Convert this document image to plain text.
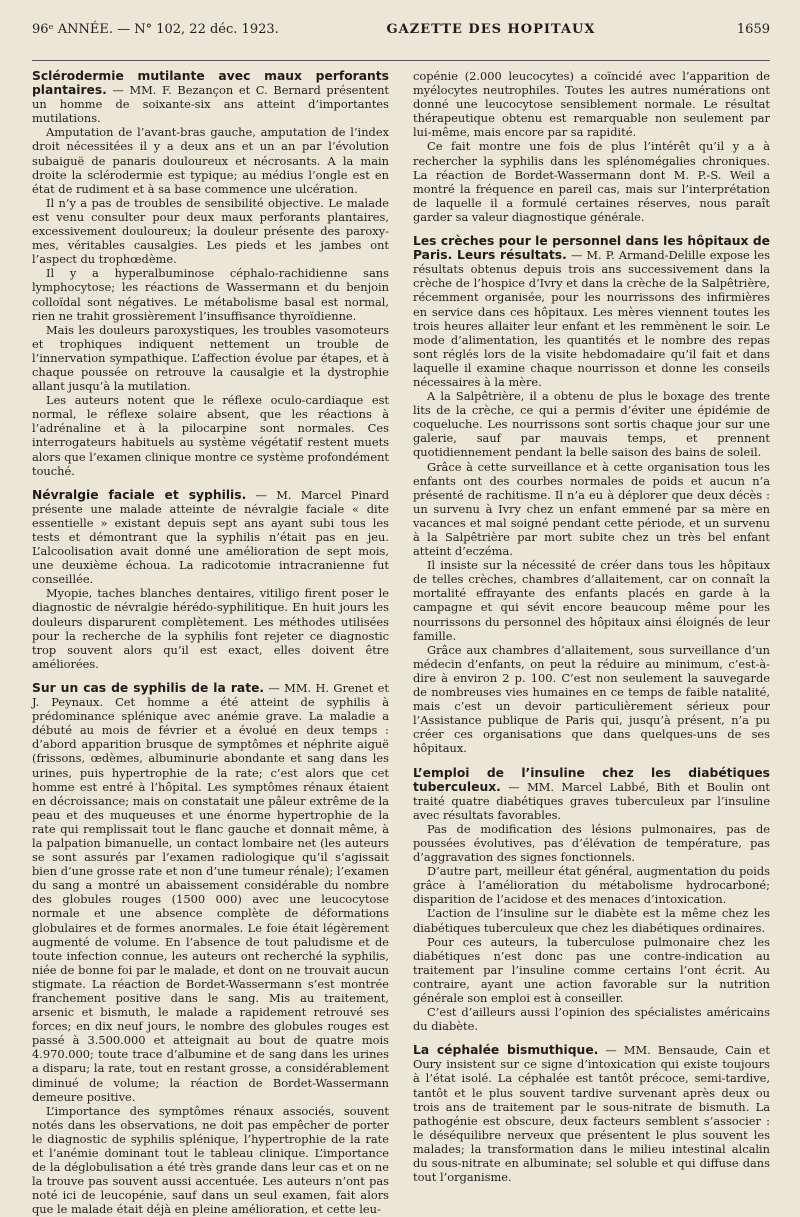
96ᵉ ANNÉE. — N° 102, 22 déc. 1923.	GAZETTE DES HOPITAUX	1659

Sclérodermie mutilante avec maux perforants plantaires. — MM. F. Bezançon et C. Bernard présentent un homme de soixante-six ans atteint d’importantes mutilations.

Amputation de l’avant-bras gauche, amputation de l’index droit nécessitées il y a deux ans et un an par l’évolution subaiguë de panaris douloureux et nécrosants. A la main droite la sclérodermie est typique; au médius l’ongle est en état de rudiment et à sa base commence une ulcération.

Il n’y a pas de troubles de sensibilité objective. Le malade est venu consulter pour deux maux perforants plantaires, excessivement douloureux; la douleur présente des paroxy-mes, véritables causalgies. Les pieds et les jambes ont l’aspect du trophœdème.

Il y a hyperalbuminose céphalo-rachidienne sans lymphocytose; les réactions de Wassermann et du benjoin colloïdal sont négatives. Le métabolisme basal est normal, rien ne trahit grossièrement l’insuffisance thyroïdienne.

Mais les douleurs paroxystiques, les troubles vasomoteurs et trophiques indiquent nettement un trouble de l’innervation sympathique. L’affection évolue par étapes, et à chaque poussée on retrouve la causalgie et la dystrophie allant jusqu’à la mutilation.

Les auteurs notent que le réflexe oculo-cardiaque est normal, le réflexe solaire absent, que les réactions à l’adrénaline et à la pilocarpine sont normales. Ces interrogateurs habituels au système végétatif restent muets alors que l’examen clinique montre ce système profondément touché.

Névralgie faciale et syphilis. — M. Marcel Pinard présente une malade atteinte de névralgie faciale « dite essentielle » existant depuis sept ans ayant subi tous les tests et démontrant que la syphilis n’était pas en jeu. L’alcoolisation avait donné une amélioration de sept mois, une deuxième échoua. La radicotomie intracranienne fut conseillée.

Myopie, taches blanches dentaires, vitiligo firent poser le diagnostic de névralgie hérédo-syphilitique. En huit jours les douleurs disparurent complètement. Les méthodes utilisées pour la recherche de la syphilis font rejeter ce diagnostic trop souvent alors qu’il est exact, elles doivent être améliorées.

Sur un cas de syphilis de la rate. — MM. H. Grenet et J. Peynaux. Cet homme a été atteint de syphilis à prédominance splénique avec anémie grave. La maladie a débuté au mois de février et a évolué en deux temps : d’abord apparition brusque de symptômes et néphrite aiguë (frissons, œdèmes, albuminurie abondante et sang dans les urines, puis hypertrophie de la rate; c’est alors que cet homme est entré à l’hôpital. Les symptômes rénaux étaient en décroissance; mais on constatait une pâleur extrême de la peau et des muqueuses et une énorme hypertrophie de la rate qui remplissait tout le flanc gauche et donnait même, à la palpation bimanuelle, un contact lombaire net (les auteurs se sont assurés par l’examen radiologique qu’il s’agissait bien d’une grosse rate et non d’une tumeur rénale); l’examen du sang a montré un abaissement considérable du nombre des globules rouges (1500 000) avec une leucocytose normale et une absence complète de déformations globulaires et de formes anormales. Le foie était légèrement augmenté de volume. En l’absence de tout paludisme et de toute infection connue, les auteurs ont recherché la syphilis, niée de bonne foi par le malade, et dont on ne trouvait aucun stigmate. La réaction de Bordet-Wassermann s’est montrée franchement positive dans le sang. Mis au traitement, arsenic et bismuth, le malade a rapidement retrouvé ses forces; en dix neuf jours, le nombre des globules rouges est passé à 3.500.000 et atteignait au bout de quatre mois 4.970.000; toute trace d’albumine et de sang dans les urines a disparu; la rate, tout en restant grosse, a considérablement diminué de volume; la réaction de Bordet-Wassermann demeure positive.

L’importance des symptômes rénaux associés, souvent notés dans les observations, ne doit pas empêcher de porter le diagnostic de syphilis splénique, l’hypertrophie de la rate et l’anémie dominant tout le tableau clinique. L’importance de la déglobulisation a été très grande dans leur cas et on ne la trouve pas souvent aussi accentuée. Les auteurs n’ont pas noté ici de leucopénie, sauf dans un seul examen, fait alors que le malade était déjà en pleine amélioration, et cette leu-

copénie (2.000 leucocytes) a coïncidé avec l’apparition de myélocytes neutrophiles. Toutes les autres numérations ont donné une leucocytose sensiblement normale. Le résultat thérapeutique obtenu est remarquable non seulement par lui-même, mais encore par sa rapidité.

Ce fait montre une fois de plus l’intérêt qu’il y a à rechercher la syphilis dans les splénomégalies chroniques. La réaction de Bordet-Wassermann dont M. P.-S. Weil a montré la fréquence en pareil cas, mais sur l’interprétation de laquelle il a formulé certaines réserves, nous paraît garder sa valeur diagnostique générale.

Les crèches pour le personnel dans les hôpitaux de Paris. Leurs résultats. — M. P. Armand-Delille expose les résultats obtenus depuis trois ans successivement dans la crèche de l’hospice d’Ivry et dans la crèche de la Salpêtrière, récemment organisée, pour les nourrissons des infirmières en service dans ces hôpitaux. Les mères viennent toutes les trois heures allaiter leur enfant et les remmènent le soir. Le mode d’alimentation, les quantités et le nombre des repas sont réglés lors de la visite hebdomadaire qu’il fait et dans laquelle il examine chaque nourrisson et donne les conseils nécessaires à la mère.

A la Salpêtrière, il a obtenu de plus le boxage des trente lits de la crèche, ce qui a permis d’éviter une épidémie de coqueluche. Les nourrissons sont sortis chaque jour sur une galerie, sauf par mauvais temps, et prennent quotidiennement pendant la belle saison des bains de soleil.

Grâce à cette surveillance et à cette organisation tous les enfants ont des courbes normales de poids et aucun n’a présenté de rachitisme. Il n’a eu à déplorer que deux décès : un survenu à Ivry chez un enfant emmené par sa mère en vacances et mal soigné pendant cette période, et un survenu à la Salpêtrière par mort subite chez un très bel enfant atteint d’eczéma.

Il insiste sur la nécessité de créer dans tous les hôpitaux de telles crèches, chambres d’allaitement, car on connaît la mortalité effrayante des enfants placés en garde à la campagne et qui sévit encore beaucoup même pour les nourrissons du personnel des hôpitaux ainsi éloignés de leur famille.

Grâce aux chambres d’allaitement, sous surveillance d’un médecin d’enfants, on peut la réduire au minimum, c’est-à-dire à environ 2 p. 100. C’est non seulement la sauvegarde de nombreuses vies humaines en ce temps de faible natalité, mais c’est un devoir particulièrement sérieux pour l’Assistance publique de Paris qui, jusqu’à présent, n’a pu créer ces organisations que dans quelques-uns de ses hôpitaux.

L’emploi de l’insuline chez les diabétiques tuberculeux. — MM. Marcel Labbé, Bith et Boulin ont traité quatre diabétiques graves tuberculeux par l’insuline avec résultats favorables.

Pas de modification des lésions pulmonaires, pas de poussées évolutives, pas d’élévation de température, pas d’aggravation des signes fonctionnels.

D’autre part, meilleur état général, augmentation du poids grâce à l’amélioration du métabolisme hydrocarboné; disparition de l’acidose et des menaces d’intoxication.

L’action de l’insuline sur le diabète est la même chez les diabétiques tuberculeux que chez les diabétiques ordinaires.

Pour ces auteurs, la tuberculose pulmonaire chez les diabétiques n’est donc pas une contre-indication au traitement par l’insuline comme certains l’ont écrit. Au contraire, ayant une action favorable sur la nutrition générale son emploi est à conseiller.

C’est d’ailleurs aussi l’opinion des spécialistes américains du diabète.

La céphalée bismuthique. — MM. Bensaude, Cain et Oury insistent sur ce signe d’intoxication qui existe toujours à l’état isolé. La céphalée est tantôt précoce, semi-tardive, tantôt et le plus souvent tardive survenant après deux ou trois ans de traitement par le sous-nitrate de bismuth. La pathogénie est obscure, deux facteurs semblent s’associer : le déséquilibre nerveux que présentent le plus souvent les malades; la transformation dans le milieu intestinal alcalin du sous-nitrate en albuminate; sel soluble et qui diffuse dans tout l’organisme.
